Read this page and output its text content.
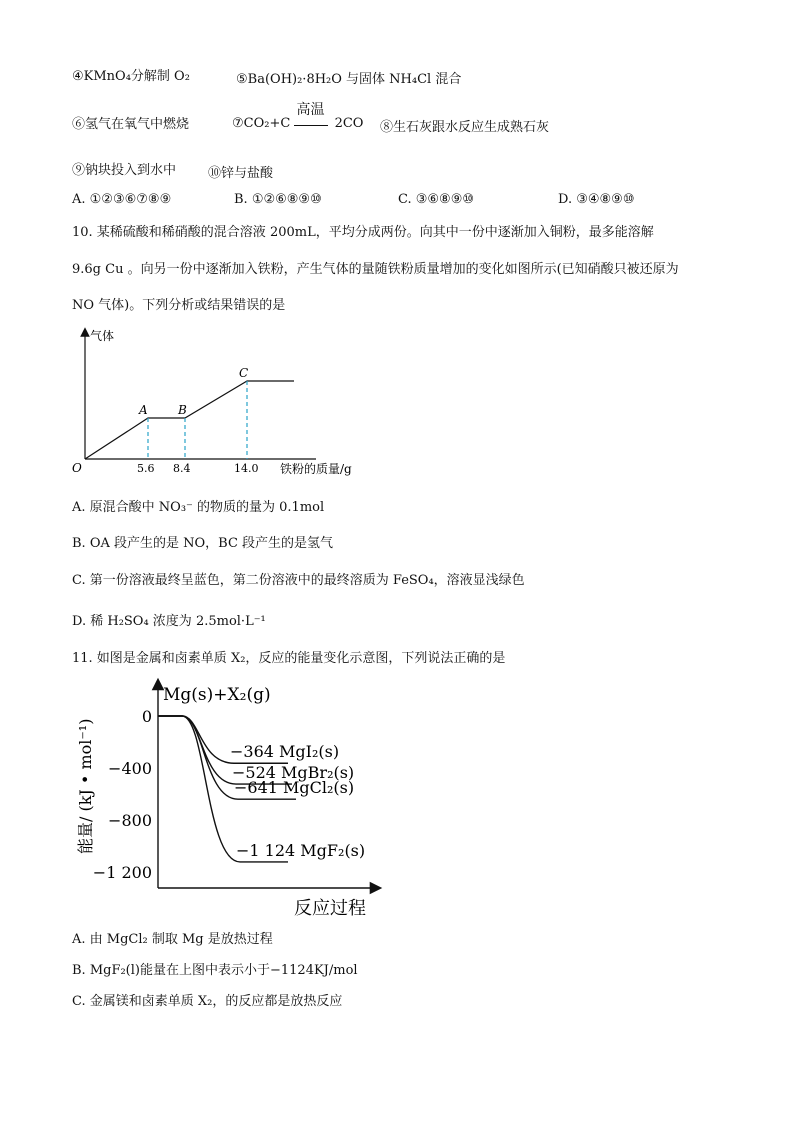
④KMnO₄分解制 O₂	⑤Ba(OH)₂·8H₂O 与固体 NH₄Cl 混合
⑥氢气在氧气中燃烧	⑦CO₂+C
高温
2CO ⑧生石灰跟水反应生成熟石灰
⑨钠块投入到水中 ⑩锌与盐酸
A. ①②③⑥⑦⑧⑨	B. ①②⑥⑧⑨⑩	C. ③⑥⑧⑨⑩	D. ③④⑧⑨⑩
10. 某稀硫酸和稀硝酸的混合溶液 200mL，平均分成两份。向其中一份中逐渐加入铜粉，最多能溶解
9.6g Cu 。向另一份中逐渐加入铁粉，产生气体的量随铁粉质量增加的变化如图所示(已知硝酸只被还原为
NO 气体)。下列分析或结果错误的是
气体
O
A	B
C
5.6 8.4	14.0 铁粉的质量/g
A. 原混合酸中 NO₃⁻ 的物质的量为 0.1mol
B. OA 段产生的是 NO，BC 段产生的是氢气
C. 第一份溶液最终呈蓝色，第二份溶液中的最终溶质为 FeSO₄，溶液显浅绿色
D. 稀 H₂SO₄ 浓度为 2.5mol·L⁻¹
11. 如图是金属和卤素单质 X₂，反应的能量变化示意图，下列说法正确的是
Mg(s)+X₂(g)
能量/ (kJ • mol⁻¹)
反应过程
0
−400
−800
−1 200
−364 MgI₂(s)
−524 MgBr₂(s)
−641 MgCl₂(s)
−1 124 MgF₂(s)
A. 由 MgCl₂ 制取 Mg 是放热过程
B. MgF₂(l)能量在上图中表示小于−1124KJ/mol
C. 金属镁和卤素单质 X₂，的反应都是放热反应
